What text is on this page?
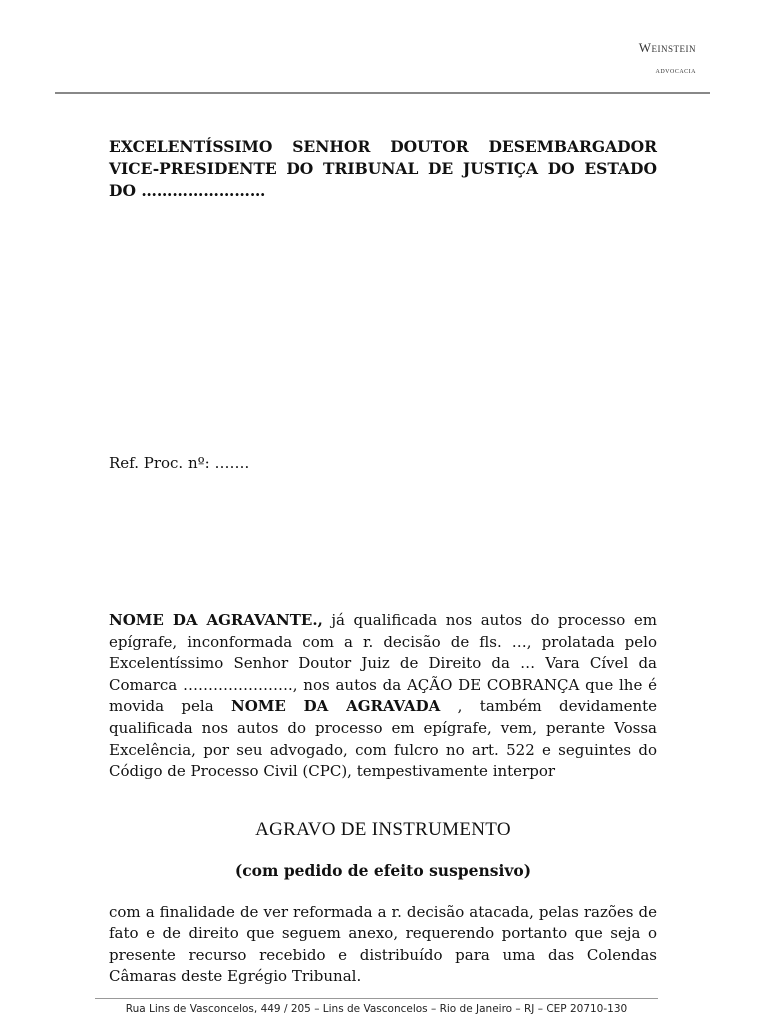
Weinstein
advocacia
EXCELENTÍSSIMO SENHOR DOUTOR DESEMBARGADOR VICE-PRESIDENTE DO TRIBUNAL DE JUSTIÇA DO ESTADO DO ……………………
Ref. Proc. nº: …….
NOME DA AGRAVANTE., já qualificada nos autos do processo em epígrafe, inconformada com a r. decisão de fls. …, prolatada pelo Excelentíssimo Senhor Doutor Juiz de Direito da … Vara Cível da Comarca …………………., nos autos da AÇÃO DE COBRANÇA que lhe é movida pela NOME DA AGRAVADA , também devidamente qualificada nos autos do processo em epígrafe, vem, perante Vossa Excelência, por seu advogado, com fulcro no art. 522 e seguintes do Código de Processo Civil (CPC), tempestivamente interpor
AGRAVO DE INSTRUMENTO
(com pedido de efeito suspensivo)
com a finalidade de ver reformada a r. decisão atacada, pelas razões de fato e de direito que seguem anexo, requerendo portanto que seja o presente recurso recebido e distribuído para uma das Colendas Câmaras deste Egrégio Tribunal.
Rua Lins de Vasconcelos, 449 / 205 – Lins de Vasconcelos – Rio de Janeiro – RJ – CEP 20710-130
